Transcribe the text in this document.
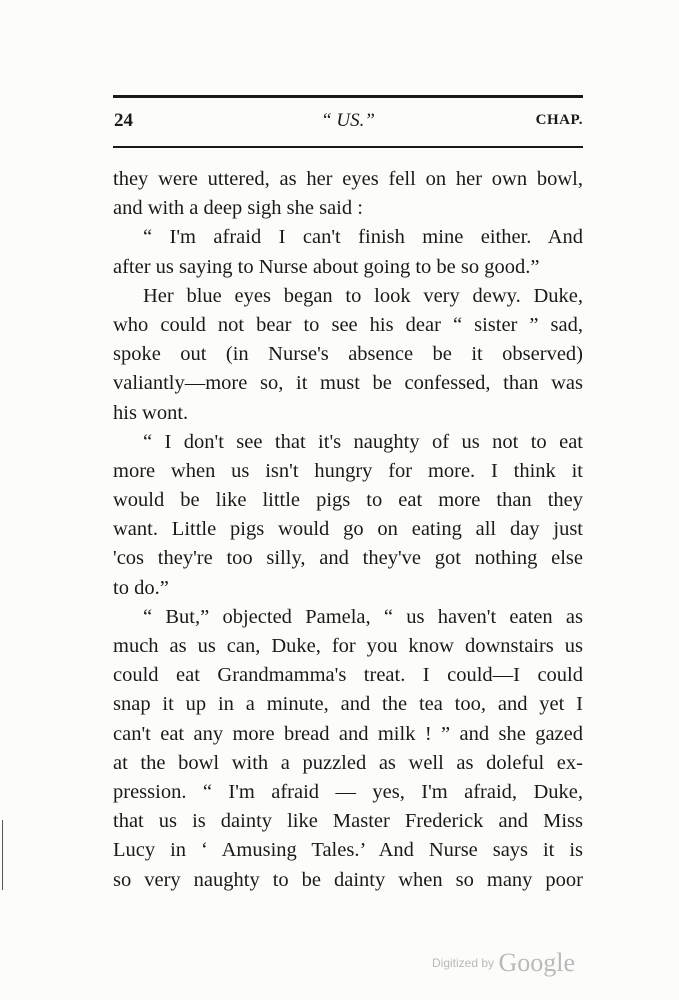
24	“ US.”	CHAP.
they were uttered, as her eyes fell on her own bowl,
and with a deep sigh she said :
“ I'm afraid I can't finish mine either. And
after us saying to Nurse about going to be so good.”
Her blue eyes began to look very dewy. Duke,
who could not bear to see his dear “ sister ” sad,
spoke out (in Nurse's absence be it observed)
valiantly—more so, it must be confessed, than was
his wont.
“ I don't see that it's naughty of us not to eat
more when us isn't hungry for more. I think it
would be like little pigs to eat more than they
want. Little pigs would go on eating all day just
'cos they're too silly, and they've got nothing else
to do.”
“ But,” objected Pamela, “ us haven't eaten as
much as us can, Duke, for you know downstairs us
could eat Grandmamma's treat. I could—I could
snap it up in a minute, and the tea too, and yet I
can't eat any more bread and milk ! ” and she gazed
at the bowl with a puzzled as well as doleful ex-
pression. “ I'm afraid — yes, I'm afraid, Duke,
that us is dainty like Master Frederick and Miss
Lucy in ‘ Amusing Tales.’ And Nurse says it is
so very naughty to be dainty when so many poor
$^{Digitized by}$ Google
